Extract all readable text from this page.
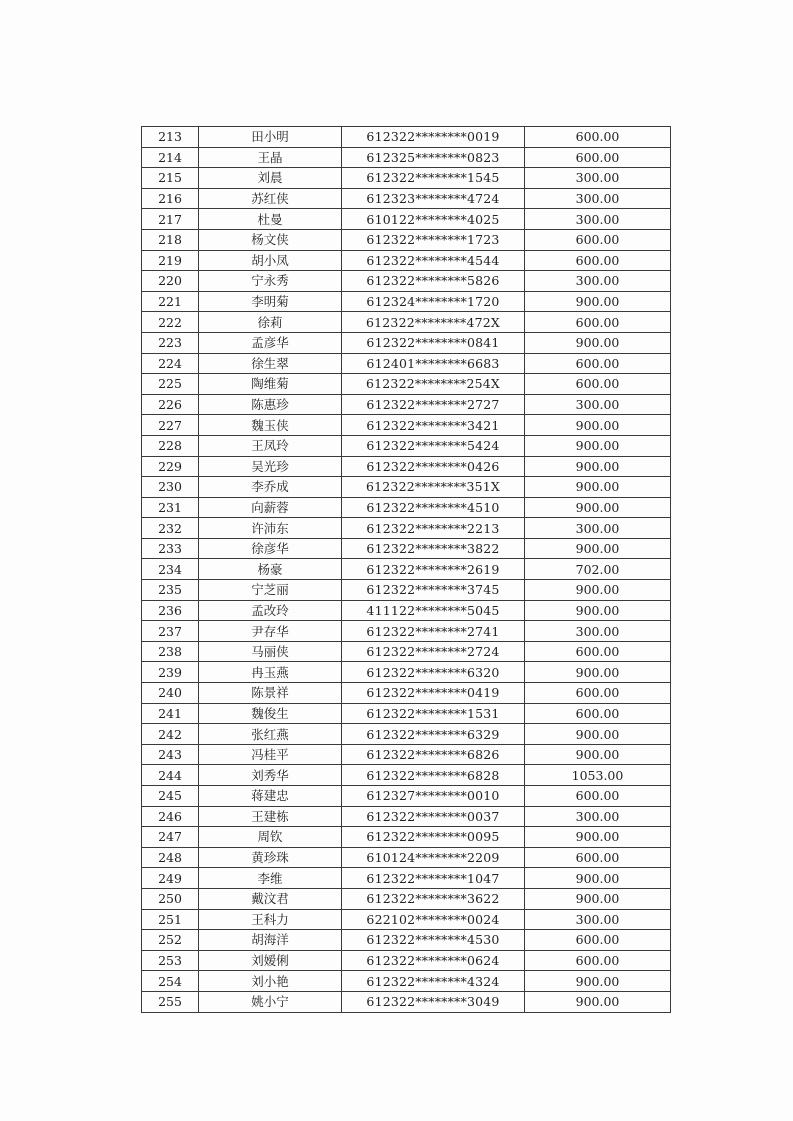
213	田小明	612322********0019	600.00
214	王晶	612325********0823	600.00
215	刘晨	612322********1545	300.00
216	苏红侠	612323********4724	300.00
217	杜曼	610122********4025	300.00
218	杨文侠	612322********1723	600.00
219	胡小凤	612322********4544	600.00
220	宁永秀	612322********5826	300.00
221	李明菊	612324********1720	900.00
222	徐莉	612322********472X	600.00
223	孟彦华	612322********0841	900.00
224	徐生翠	612401********6683	600.00
225	陶维菊	612322********254X	600.00
226	陈惠珍	612322********2727	300.00
227	魏玉侠	612322********3421	900.00
228	王凤玲	612322********5424	900.00
229	吴光珍	612322********0426	900.00
230	李乔成	612322********351X	900.00
231	向薪蓉	612322********4510	900.00
232	许沛东	612322********2213	300.00
233	徐彦华	612322********3822	900.00
234	杨豪	612322********2619	702.00
235	宁芝丽	612322********3745	900.00
236	孟改玲	411122********5045	900.00
237	尹存华	612322********2741	300.00
238	马丽侠	612322********2724	600.00
239	冉玉燕	612322********6320	900.00
240	陈景祥	612322********0419	600.00
241	魏俊生	612322********1531	600.00
242	张红燕	612322********6329	900.00
243	冯桂平	612322********6826	900.00
244	刘秀华	612322********6828	1053.00
245	蒋建忠	612327********0010	600.00
246	王建栋	612322********0037	300.00
247	周钦	612322********0095	900.00
248	黄珍珠	610124********2209	600.00
249	李维	612322********1047	900.00
250	戴汶君	612322********3622	900.00
251	王科力	622102********0024	300.00
252	胡海洋	612322********4530	600.00
253	刘嫒俐	612322********0624	600.00
254	刘小艳	612322********4324	900.00
255	姚小宁	612322********3049	900.00
